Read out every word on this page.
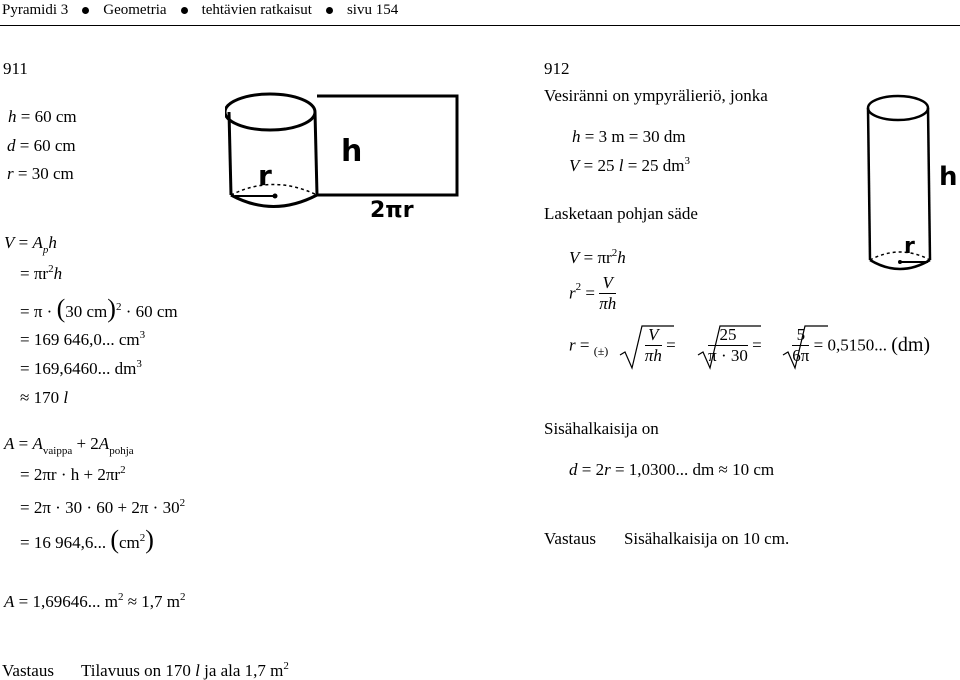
Pyramidi 3 Geometria tehtävien ratkaisut sivu 154
911
h = 60 cm
d = 60 cm
r = 30 cm
$V = A_ph$
= $\pi r^2h$
= π · (30 cm)$^2$ · 60 cm
= 169 646,0... $cm^3$
= 169,6460... $dm^3$
≈ 170 l
$A = A_{vaippa} + 2A_{pohja}$
= $2\pi r \cdot h + 2\pi r^2$
= $2\pi \cdot 30 \cdot 60 + 2\pi \cdot 30^2$
= 16 964,6... $(cm^2)$
A = 1,69646... $m^2 \approx 1,7$ $m^2$
Vastaus Tilavuus on 170 l ja ala 1,7 $m^2$
h
r
2πr
912
Vesiränni on ympyrälieriö, jonka
h = 3 m = 30 dm
V = 25 l = 25 $dm^3$
Lasketaan pohjan säde
$V = \pi r^2h$
$r^2 = \frac{V}{\pi h}$
$r = _{(\pm)} \frac{V}{\pi h} = \frac{25}{\pi \cdot 30} = \frac{5}{6\pi} = 0,5150$... (dm)
Sisähalkaisija on
d = 2r = 1,0300... dm ≈ 10 cm
Vastaus Sisähalkaisija on 10 cm.
h
r
